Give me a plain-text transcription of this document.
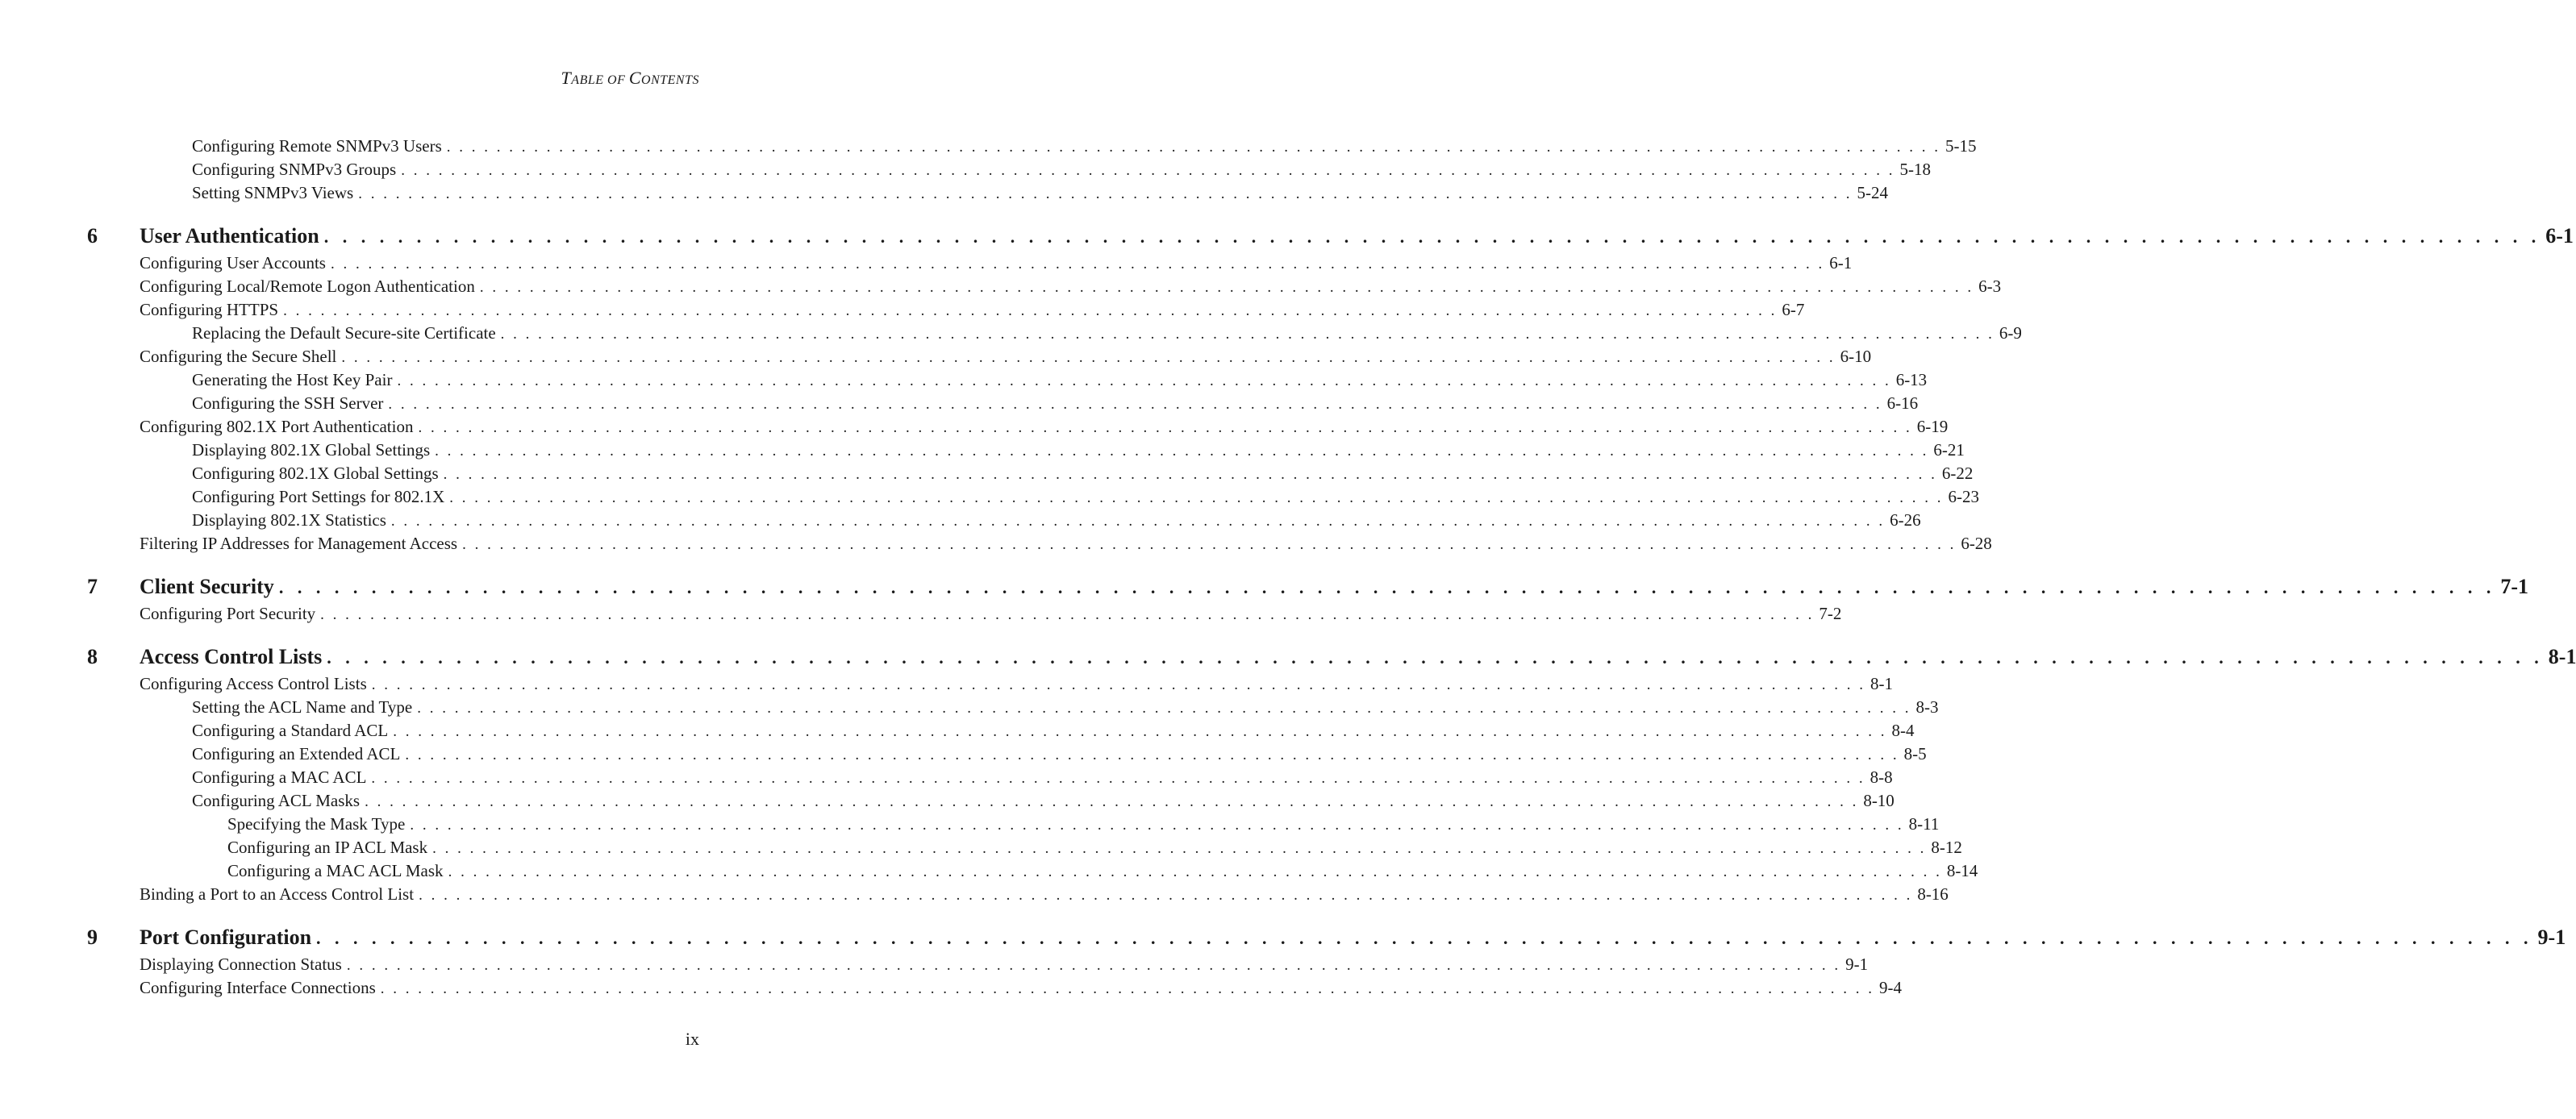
TABLE OF CONTENTS
Configuring Remote SNMPv3 Users . . . . . . . . . . . . . . . . . . . . . . . . . . . . . . . . . . . . . . . . . . . . . . . . . . . . . . . . . . . . . . . . . . . . . . . . . . . . . . . . . . . . . . . . . . . . . . . . . . . . . . . . . . . . . . . . . . . . . . . . 5-15
Configuring SNMPv3 Groups . . . . . . . . . . . . . . . . . . . . . . . . . . . . . . . . . . . . . . . . . . . . . . . . . . . . . . . . . . . . . . . . . . . . . . . . . . . . . . . . . . . . . . . . . . . . . . . . . . . . . . . . . . . . . . . . . . . . . . . . 5-18
Setting SNMPv3 Views . . . . . . . . . . . . . . . . . . . . . . . . . . . . . . . . . . . . . . . . . . . . . . . . . . . . . . . . . . . . . . . . . . . . . . . . . . . . . . . . . . . . . . . . . . . . . . . . . . . . . . . . . . . . . . . . . . . . . . . . 5-24
6 User Authentication . . . . . . . . . . . . . . . . . . . . . . . . . . . . . . . . . . . . . . . . . . . . . . . . . . . . . . . . . . . . . . . . . . . . . . . . . . . . . . . . . . . . . . . . . . . . . . . . . . . . . . . . . . . . . . . . . . . . . . . . 6-1
Configuring User Accounts . . . . . . . . . . . . . . . . . . . . . . . . . . . . . . . . . . . . . . . . . . . . . . . . . . . . . . . . . . . . . . . . . . . . . . . . . . . . . . . . . . . . . . . . . . . . . . . . . . . . . . . . . . . . . . . . . . . . . . . . 6-1
Configuring Local/Remote Logon Authentication . . . . . . . . . . . . . . . . . . . . . . . . . . . . . . . . . . . . . . . . . . . . . . . . . . . . . . . . . . . . . . . . . . . . . . . . . . . . . . . . . . . . . . . . . . . . . . . . . . . . . . . . . . . . . . . . . . . . . . . . 6-3
Configuring HTTPS . . . . . . . . . . . . . . . . . . . . . . . . . . . . . . . . . . . . . . . . . . . . . . . . . . . . . . . . . . . . . . . . . . . . . . . . . . . . . . . . . . . . . . . . . . . . . . . . . . . . . . . . . . . . . . . . . . . . . . . . 6-7
Replacing the Default Secure-site Certificate . . . . . . . . . . . . . . . . . . . . . . . . . . . . . . . . . . . . . . . . . . . . . . . . . . . . . . . . . . . . . . . . . . . . . . . . . . . . . . . . . . . . . . . . . . . . . . . . . . . . . . . . . . . . . . . . . . . . . . . . 6-9
Configuring the Secure Shell . . . . . . . . . . . . . . . . . . . . . . . . . . . . . . . . . . . . . . . . . . . . . . . . . . . . . . . . . . . . . . . . . . . . . . . . . . . . . . . . . . . . . . . . . . . . . . . . . . . . . . . . . . . . . . . . . . . . . . . . 6-10
Generating the Host Key Pair . . . . . . . . . . . . . . . . . . . . . . . . . . . . . . . . . . . . . . . . . . . . . . . . . . . . . . . . . . . . . . . . . . . . . . . . . . . . . . . . . . . . . . . . . . . . . . . . . . . . . . . . . . . . . . . . . . . . . . . . 6-13
Configuring the SSH Server . . . . . . . . . . . . . . . . . . . . . . . . . . . . . . . . . . . . . . . . . . . . . . . . . . . . . . . . . . . . . . . . . . . . . . . . . . . . . . . . . . . . . . . . . . . . . . . . . . . . . . . . . . . . . . . . . . . . . . . . 6-16
Configuring 802.1X Port Authentication . . . . . . . . . . . . . . . . . . . . . . . . . . . . . . . . . . . . . . . . . . . . . . . . . . . . . . . . . . . . . . . . . . . . . . . . . . . . . . . . . . . . . . . . . . . . . . . . . . . . . . . . . . . . . . . . . . . . . . . . 6-19
Displaying 802.1X Global Settings . . . . . . . . . . . . . . . . . . . . . . . . . . . . . . . . . . . . . . . . . . . . . . . . . . . . . . . . . . . . . . . . . . . . . . . . . . . . . . . . . . . . . . . . . . . . . . . . . . . . . . . . . . . . . . . . . . . . . . . . 6-21
Configuring 802.1X Global Settings . . . . . . . . . . . . . . . . . . . . . . . . . . . . . . . . . . . . . . . . . . . . . . . . . . . . . . . . . . . . . . . . . . . . . . . . . . . . . . . . . . . . . . . . . . . . . . . . . . . . . . . . . . . . . . . . . . . . . . . . 6-22
Configuring Port Settings for 802.1X . . . . . . . . . . . . . . . . . . . . . . . . . . . . . . . . . . . . . . . . . . . . . . . . . . . . . . . . . . . . . . . . . . . . . . . . . . . . . . . . . . . . . . . . . . . . . . . . . . . . . . . . . . . . . . . . . . . . . . . . 6-23
Displaying 802.1X Statistics . . . . . . . . . . . . . . . . . . . . . . . . . . . . . . . . . . . . . . . . . . . . . . . . . . . . . . . . . . . . . . . . . . . . . . . . . . . . . . . . . . . . . . . . . . . . . . . . . . . . . . . . . . . . . . . . . . . . . . . . 6-26
Filtering IP Addresses for Management Access . . . . . . . . . . . . . . . . . . . . . . . . . . . . . . . . . . . . . . . . . . . . . . . . . . . . . . . . . . . . . . . . . . . . . . . . . . . . . . . . . . . . . . . . . . . . . . . . . . . . . . . . . . . . . . . . . . . . . . . . 6-28
7 Client Security . . . . . . . . . . . . . . . . . . . . . . . . . . . . . . . . . . . . . . . . . . . . . . . . . . . . . . . . . . . . . . . . . . . . . . . . . . . . . . . . . . . . . . . . . . . . . . . . . . . . . . . . . . . . . . . . . . . . . . . . 7-1
Configuring Port Security . . . . . . . . . . . . . . . . . . . . . . . . . . . . . . . . . . . . . . . . . . . . . . . . . . . . . . . . . . . . . . . . . . . . . . . . . . . . . . . . . . . . . . . . . . . . . . . . . . . . . . . . . . . . . . . . . . . . . . . . 7-2
8 Access Control Lists . . . . . . . . . . . . . . . . . . . . . . . . . . . . . . . . . . . . . . . . . . . . . . . . . . . . . . . . . . . . . . . . . . . . . . . . . . . . . . . . . . . . . . . . . . . . . . . . . . . . . . . . . . . . . . . . . . . . . . . . 8-1
Configuring Access Control Lists . . . . . . . . . . . . . . . . . . . . . . . . . . . . . . . . . . . . . . . . . . . . . . . . . . . . . . . . . . . . . . . . . . . . . . . . . . . . . . . . . . . . . . . . . . . . . . . . . . . . . . . . . . . . . . . . . . . . . . . . 8-1
Setting the ACL Name and Type . . . . . . . . . . . . . . . . . . . . . . . . . . . . . . . . . . . . . . . . . . . . . . . . . . . . . . . . . . . . . . . . . . . . . . . . . . . . . . . . . . . . . . . . . . . . . . . . . . . . . . . . . . . . . . . . . . . . . . . . 8-3
Configuring a Standard ACL . . . . . . . . . . . . . . . . . . . . . . . . . . . . . . . . . . . . . . . . . . . . . . . . . . . . . . . . . . . . . . . . . . . . . . . . . . . . . . . . . . . . . . . . . . . . . . . . . . . . . . . . . . . . . . . . . . . . . . . . 8-4
Configuring an Extended ACL . . . . . . . . . . . . . . . . . . . . . . . . . . . . . . . . . . . . . . . . . . . . . . . . . . . . . . . . . . . . . . . . . . . . . . . . . . . . . . . . . . . . . . . . . . . . . . . . . . . . . . . . . . . . . . . . . . . . . . . . 8-5
Configuring a MAC ACL . . . . . . . . . . . . . . . . . . . . . . . . . . . . . . . . . . . . . . . . . . . . . . . . . . . . . . . . . . . . . . . . . . . . . . . . . . . . . . . . . . . . . . . . . . . . . . . . . . . . . . . . . . . . . . . . . . . . . . . . 8-8
Configuring ACL Masks . . . . . . . . . . . . . . . . . . . . . . . . . . . . . . . . . . . . . . . . . . . . . . . . . . . . . . . . . . . . . . . . . . . . . . . . . . . . . . . . . . . . . . . . . . . . . . . . . . . . . . . . . . . . . . . . . . . . . . . . 8-10
Specifying the Mask Type . . . . . . . . . . . . . . . . . . . . . . . . . . . . . . . . . . . . . . . . . . . . . . . . . . . . . . . . . . . . . . . . . . . . . . . . . . . . . . . . . . . . . . . . . . . . . . . . . . . . . . . . . . . . . . . . . . . . . . . . 8-11
Configuring an IP ACL Mask . . . . . . . . . . . . . . . . . . . . . . . . . . . . . . . . . . . . . . . . . . . . . . . . . . . . . . . . . . . . . . . . . . . . . . . . . . . . . . . . . . . . . . . . . . . . . . . . . . . . . . . . . . . . . . . . . . . . . . . . 8-12
Configuring a MAC ACL Mask . . . . . . . . . . . . . . . . . . . . . . . . . . . . . . . . . . . . . . . . . . . . . . . . . . . . . . . . . . . . . . . . . . . . . . . . . . . . . . . . . . . . . . . . . . . . . . . . . . . . . . . . . . . . . . . . . . . . . . . . 8-14
Binding a Port to an Access Control List . . . . . . . . . . . . . . . . . . . . . . . . . . . . . . . . . . . . . . . . . . . . . . . . . . . . . . . . . . . . . . . . . . . . . . . . . . . . . . . . . . . . . . . . . . . . . . . . . . . . . . . . . . . . . . . . . . . . . . . . 8-16
9 Port Configuration . . . . . . . . . . . . . . . . . . . . . . . . . . . . . . . . . . . . . . . . . . . . . . . . . . . . . . . . . . . . . . . . . . . . . . . . . . . . . . . . . . . . . . . . . . . . . . . . . . . . . . . . . . . . . . . . . . . . . . . . 9-1
Displaying Connection Status . . . . . . . . . . . . . . . . . . . . . . . . . . . . . . . . . . . . . . . . . . . . . . . . . . . . . . . . . . . . . . . . . . . . . . . . . . . . . . . . . . . . . . . . . . . . . . . . . . . . . . . . . . . . . . . . . . . . . . . . 9-1
Configuring Interface Connections . . . . . . . . . . . . . . . . . . . . . . . . . . . . . . . . . . . . . . . . . . . . . . . . . . . . . . . . . . . . . . . . . . . . . . . . . . . . . . . . . . . . . . . . . . . . . . . . . . . . . . . . . . . . . . . . . . . . . . . . 9-4
ix
